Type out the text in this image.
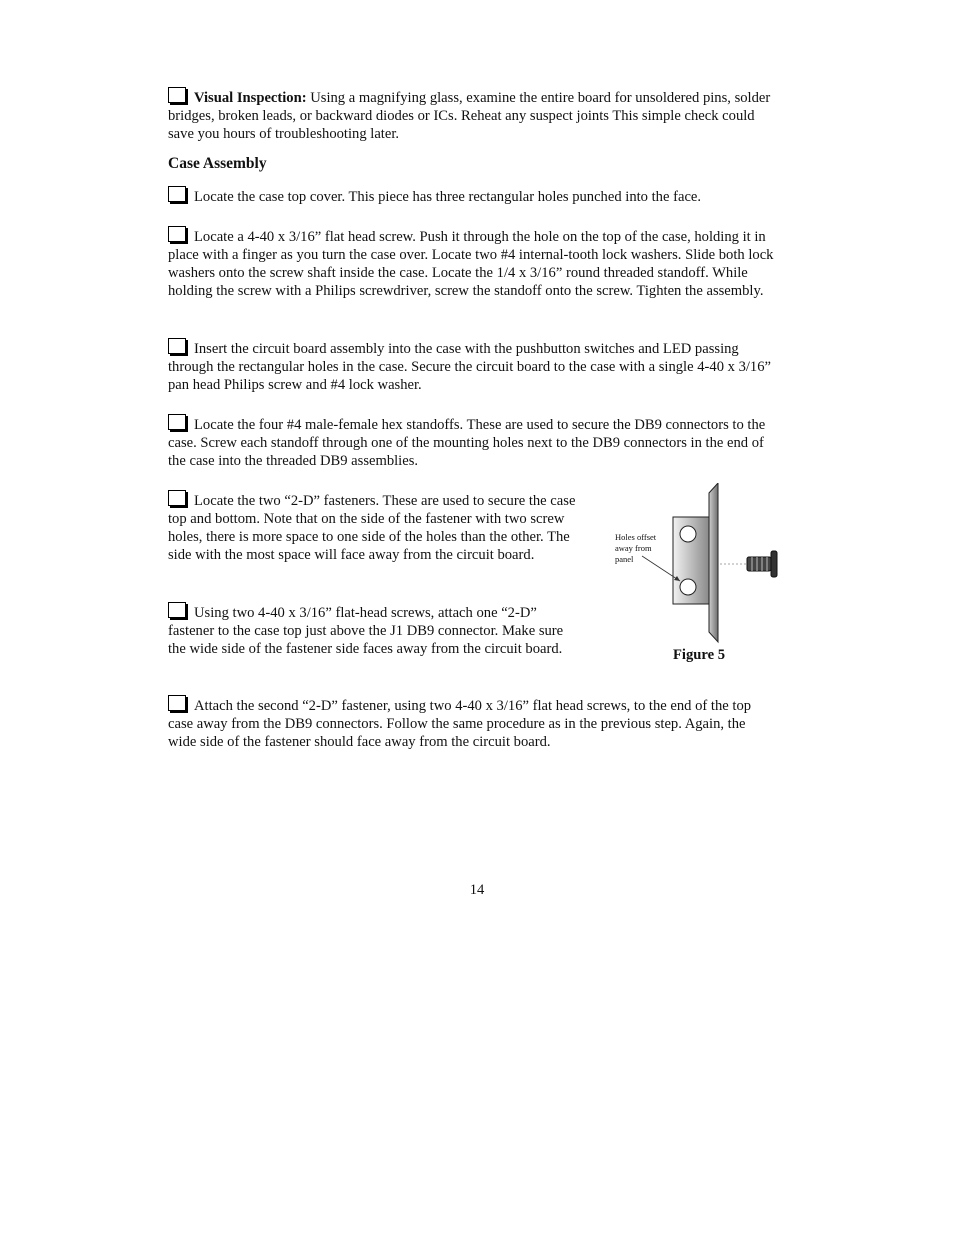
Visual Inspection: Using a magnifying glass, examine the entire board for unsoldered pins, solder bridges, broken leads, or backward diodes or ICs. Reheat any suspect joints This simple check could save you hours of troubleshooting later.

Case Assembly

Locate the case top cover. This piece has three rectangular holes punched into the face.

Locate a 4-40 x 3/16” flat head screw. Push it through the hole on the top of the case, holding it in place with a finger as you turn the case over. Locate two #4 internal-tooth lock washers. Slide both lock washers onto the screw shaft inside the case. Locate the 1/4 x 3/16” round threaded standoff. While holding the screw with a Philips screwdriver, screw the standoff onto the screw. Tighten the assembly.

Insert the circuit board assembly into the case with the pushbutton switches and LED passing through the rectangular holes in the case. Secure the circuit board to the case with a single 4-40 x 3/16” pan head Philips screw and #4 lock washer.

Locate the four #4 male-female hex standoffs. These are used to secure the DB9 connectors to the case. Screw each standoff through one of the mounting holes next to the DB9 connectors in the end of the case into the threaded DB9 assemblies.

Locate the two “2-D” fasteners. These are used to secure the case top and bottom. Note that on the side of the fastener with two screw holes, there is more space to one side of the holes than the other. The side with the most space will face away from the circuit board.

Using two 4-40 x 3/16” flat-head screws, attach one “2-D” fastener to the case top just above the J1 DB9 connector. Make sure the wide side of the fastener side faces away from the circuit board.

Attach the second “2-D” fastener, using two 4-40 x 3/16” flat head screws, to the end of the top case away from the DB9 connectors. Follow the same procedure as in the previous step. Again, the wide side of the fastener should face away from the circuit board.

Holes offset
away from
panel
Figure 5
14
